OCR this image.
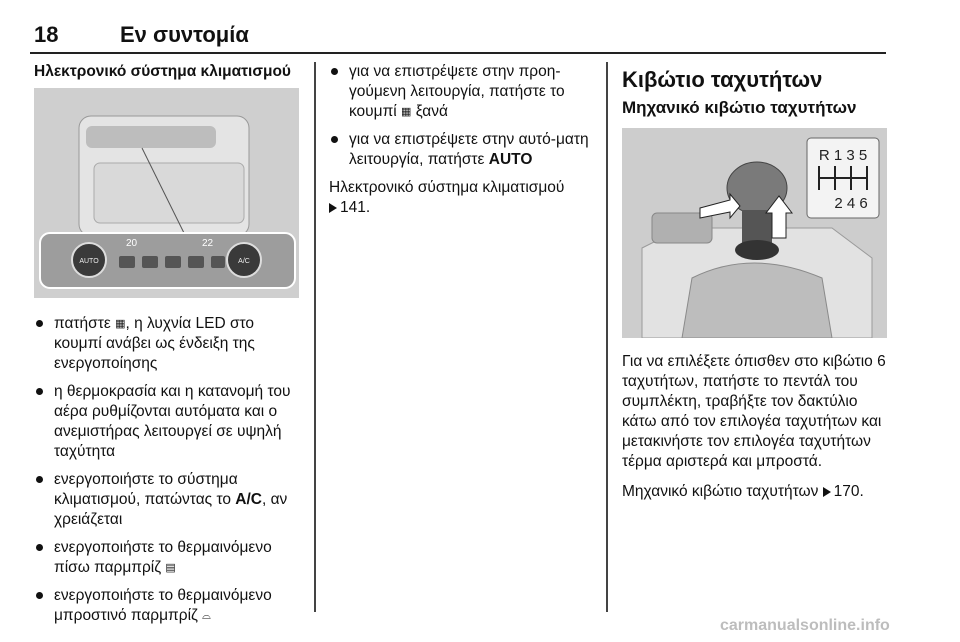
18	Εν συντομία
Ηλεκτρονικό σύστημα κλιματισμού
AUTO	A/C
20	22
πατήστε ▦, η λυχνία LED στο κουμπί ανάβει ως ένδειξη της ενεργοποίησης
η θερμοκρασία και η κατανομή του αέρα ρυθμίζονται αυτόματα και ο ανεμιστήρας λειτουργεί σε υψηλή ταχύτητα
ενεργοποιήστε το σύστημα κλιματισμού, πατώντας το A/C, αν χρειάζεται
ενεργοποιήστε το θερμαινόμενο πίσω παρμπρίζ ▤
ενεργοποιήστε το θερμαινόμενο μπροστινό παρμπρίζ ⌓
για να επιστρέψετε στην προη-γούμενη λειτουργία, πατήστε το κουμπί ▦ ξανά
για να επιστρέψετε στην αυτό-ματη λειτουργία, πατήστε AUTO

Ηλεκτρονικό σύστημα κλιματισμού
141.

Κιβώτιο ταχυτήτων
Μηχανικό κιβώτιο ταχυτήτων
R 1 3 5
2 4 6

Για να επιλέξετε όπισθεν στο κιβώτιο 6 ταχυτήτων, πατήστε το πεντάλ του συμπλέκτη, τραβήξτε τον δακτύλιο κάτω από τον επιλογέα ταχυτήτων και μετακινήστε τον επιλογέα ταχυτήτων τέρμα αριστερά και μπροστά.

Μηχανικό κιβώτιο ταχυτήτων 170.

carmanualsonline.info
